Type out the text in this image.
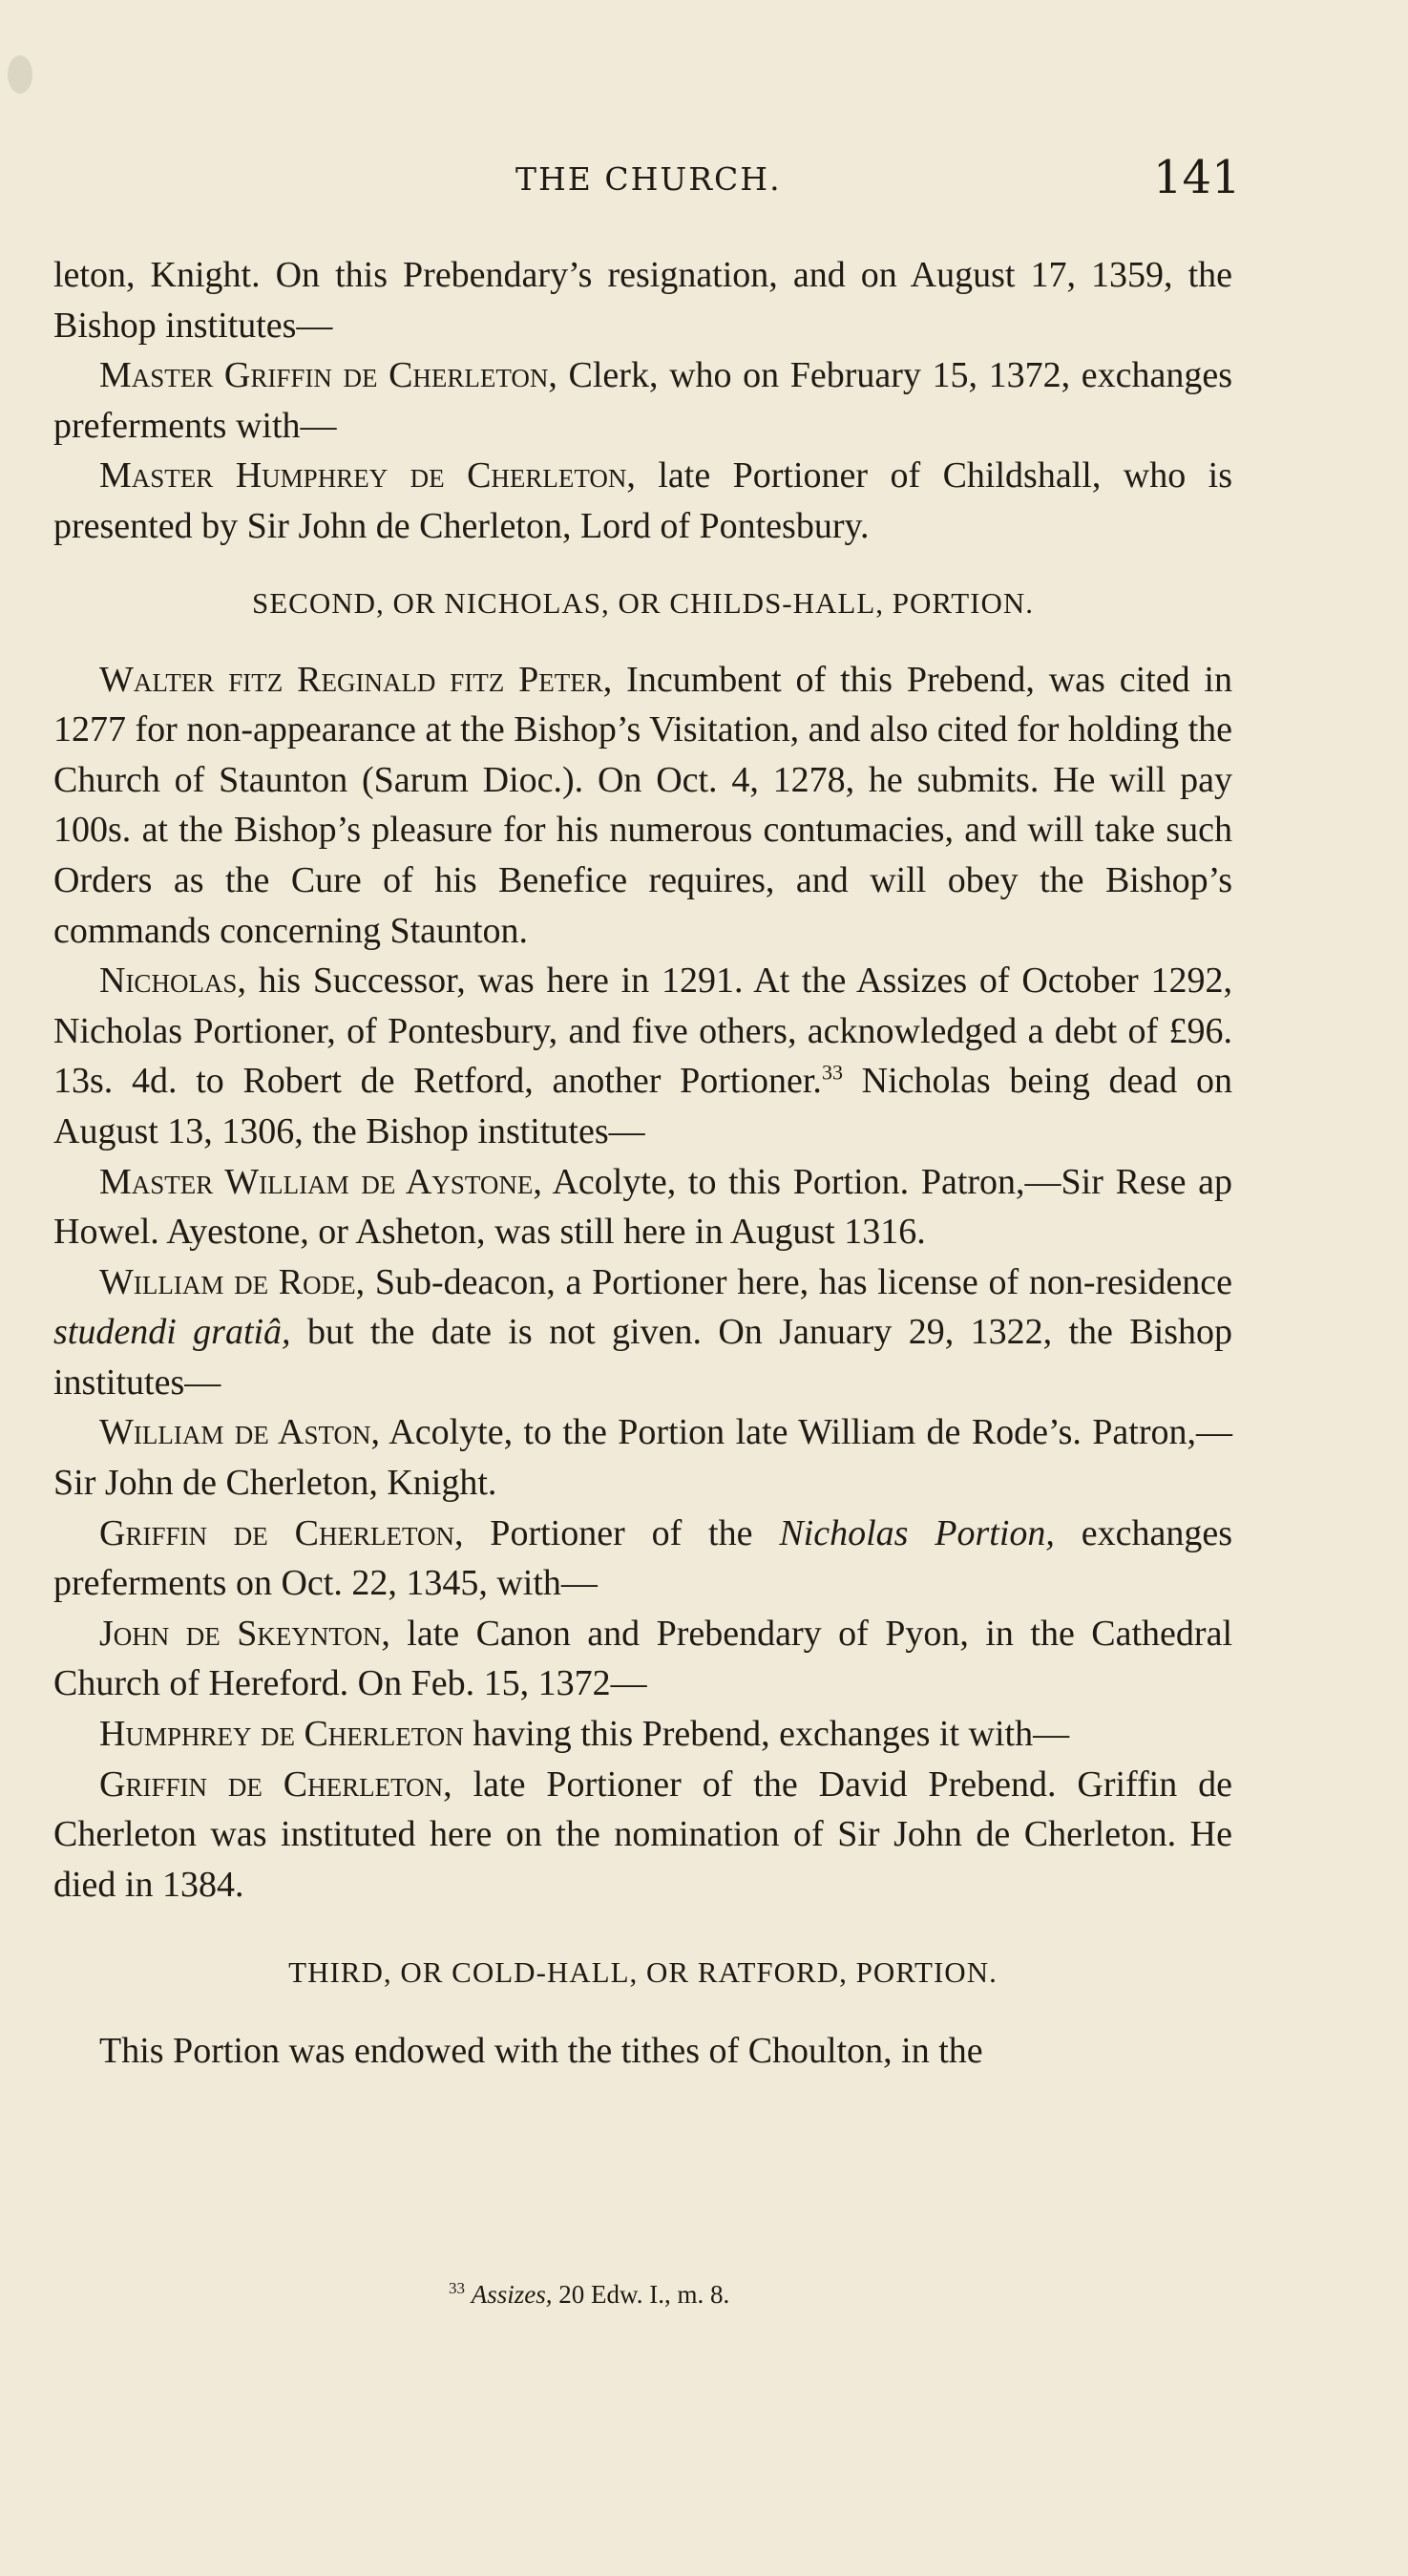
THE CHURCH.	141

leton, Knight. On this Prebendary’s resignation, and on August 17, 1359, the Bishop institutes—

Master Griffin de Cherleton, Clerk, who on February 15, 1372, exchanges preferments with—

Master Humphrey de Cherleton, late Portioner of Childshall, who is presented by Sir John de Cherleton, Lord of Pontesbury.

SECOND, OR NICHOLAS, OR CHILDS-HALL, PORTION.

Walter fitz Reginald fitz Peter, Incumbent of this Prebend, was cited in 1277 for non-appearance at the Bishop’s Visitation, and also cited for holding the Church of Staunton (Sarum Dioc.). On Oct. 4, 1278, he submits. He will pay 100s. at the Bishop’s pleasure for his numerous contumacies, and will take such Orders as the Cure of his Benefice requires, and will obey the Bishop’s commands concerning Staunton.

Nicholas, his Successor, was here in 1291. At the Assizes of October 1292, Nicholas Portioner, of Pontesbury, and five others, acknowledged a debt of £96. 13s. 4d. to Robert de Retford, another Portioner.$^{33}$ Nicholas being dead on August 13, 1306, the Bishop institutes—

Master William de Aystone, Acolyte, to this Portion. Patron,—Sir Rese ap Howel. Ayestone, or Asheton, was still here in August 1316.

William de Rode, Sub-deacon, a Portioner here, has license of non-residence studendi gratiâ, but the date is not given. On January 29, 1322, the Bishop institutes—

William de Aston, Acolyte, to the Portion late William de Rode’s. Patron,—Sir John de Cherleton, Knight.

Griffin de Cherleton, Portioner of the Nicholas Portion, exchanges preferments on Oct. 22, 1345, with—

John de Skeynton, late Canon and Prebendary of Pyon, in the Cathedral Church of Hereford. On Feb. 15, 1372—

Humphrey de Cherleton having this Prebend, exchanges it with—

Griffin de Cherleton, late Portioner of the David Prebend. Griffin de Cherleton was instituted here on the nomination of Sir John de Cherleton. He died in 1384.

THIRD, OR COLD-HALL, OR RATFORD, PORTION.

This Portion was endowed with the tithes of Choulton, in the

$^{33}$ Assizes, 20 Edw. I., m. 8.
